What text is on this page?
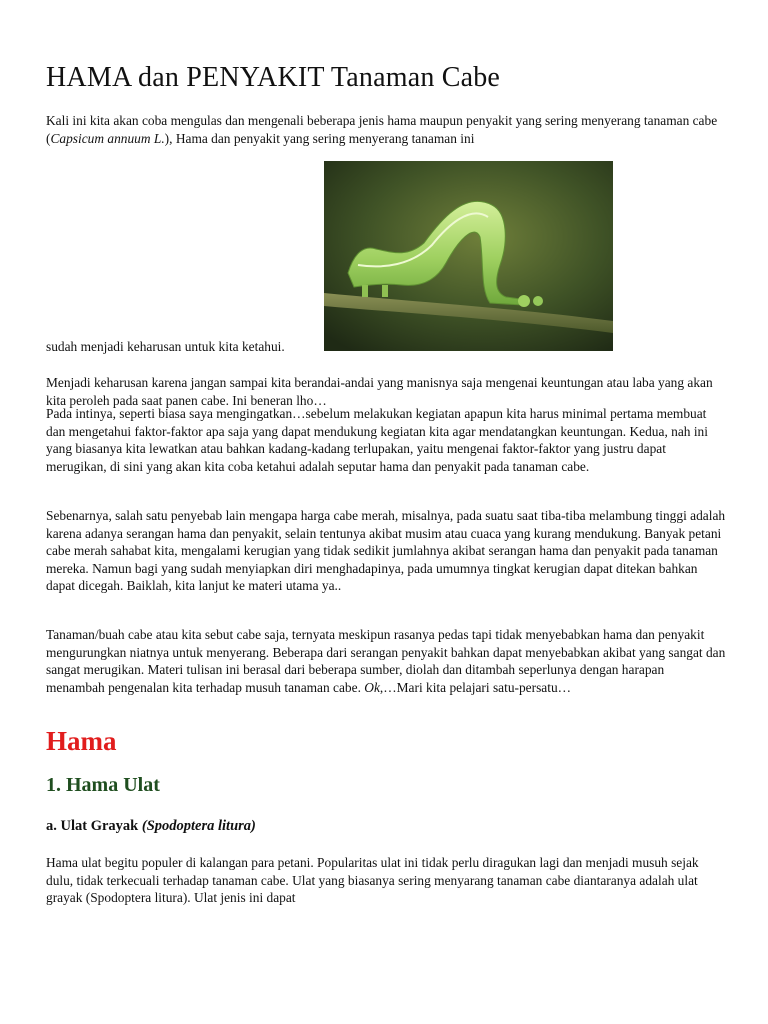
HAMA dan PENYAKIT Tanaman Cabe

Kali ini kita akan coba mengulas dan mengenali beberapa jenis hama maupun penyakit yang sering menyerang tanaman cabe (Capsicum annuum L.), Hama dan penyakit yang sering menyerang tanaman ini

sudah menjadi keharusan untuk kita ketahui.

Menjadi keharusan karena jangan sampai kita berandai-andai yang manisnya saja mengenai keuntungan atau laba yang akan kita peroleh pada saat panen cabe. Ini beneran lho…

Pada intinya, seperti biasa saya mengingatkan…sebelum melakukan kegiatan apapun kita harus minimal pertama membuat dan mengetahui faktor-faktor apa saja yang dapat mendukung kegiatan kita agar mendatangkan keuntungan. Kedua, nah ini yang biasanya kita lewatkan atau bahkan kadang-kadang terlupakan, yaitu mengenai faktor-faktor yang justru dapat merugikan, di sini yang akan kita coba ketahui adalah seputar hama dan penyakit pada tanaman cabe.

Sebenarnya, salah satu penyebab lain mengapa harga cabe merah, misalnya, pada suatu saat tiba-tiba melambung tinggi adalah karena adanya serangan hama dan penyakit, selain tentunya akibat musim atau cuaca yang kurang mendukung. Banyak petani cabe merah sahabat kita, mengalami kerugian yang tidak sedikit jumlahnya akibat serangan hama dan penyakit pada tanaman mereka. Namun bagi yang sudah menyiapkan diri menghadapinya, pada umumnya tingkat kerugian dapat ditekan bahkan dapat dicegah. Baiklah, kita lanjut ke materi utama ya..

Tanaman/buah cabe atau kita sebut cabe saja, ternyata meskipun rasanya pedas tapi tidak menyebabkan hama dan penyakit mengurungkan niatnya untuk menyerang. Beberapa dari serangan penyakit bahkan dapat menyebabkan akibat yang sangat dan sangat merugikan. Materi tulisan ini berasal dari beberapa sumber, diolah dan ditambah seperlunya dengan harapan menambah pengenalan kita terhadap musuh tanaman cabe. Ok,…Mari kita pelajari satu-persatu…

Hama
1. Hama Ulat
a. Ulat Grayak (Spodoptera litura)

Hama ulat begitu populer di kalangan para petani. Popularitas ulat ini tidak perlu diragukan lagi dan menjadi musuh sejak dulu, tidak terkecuali terhadap tanaman cabe. Ulat yang biasanya sering menyarang tanaman cabe diantaranya adalah ulat grayak (Spodoptera litura). Ulat jenis ini dapat
